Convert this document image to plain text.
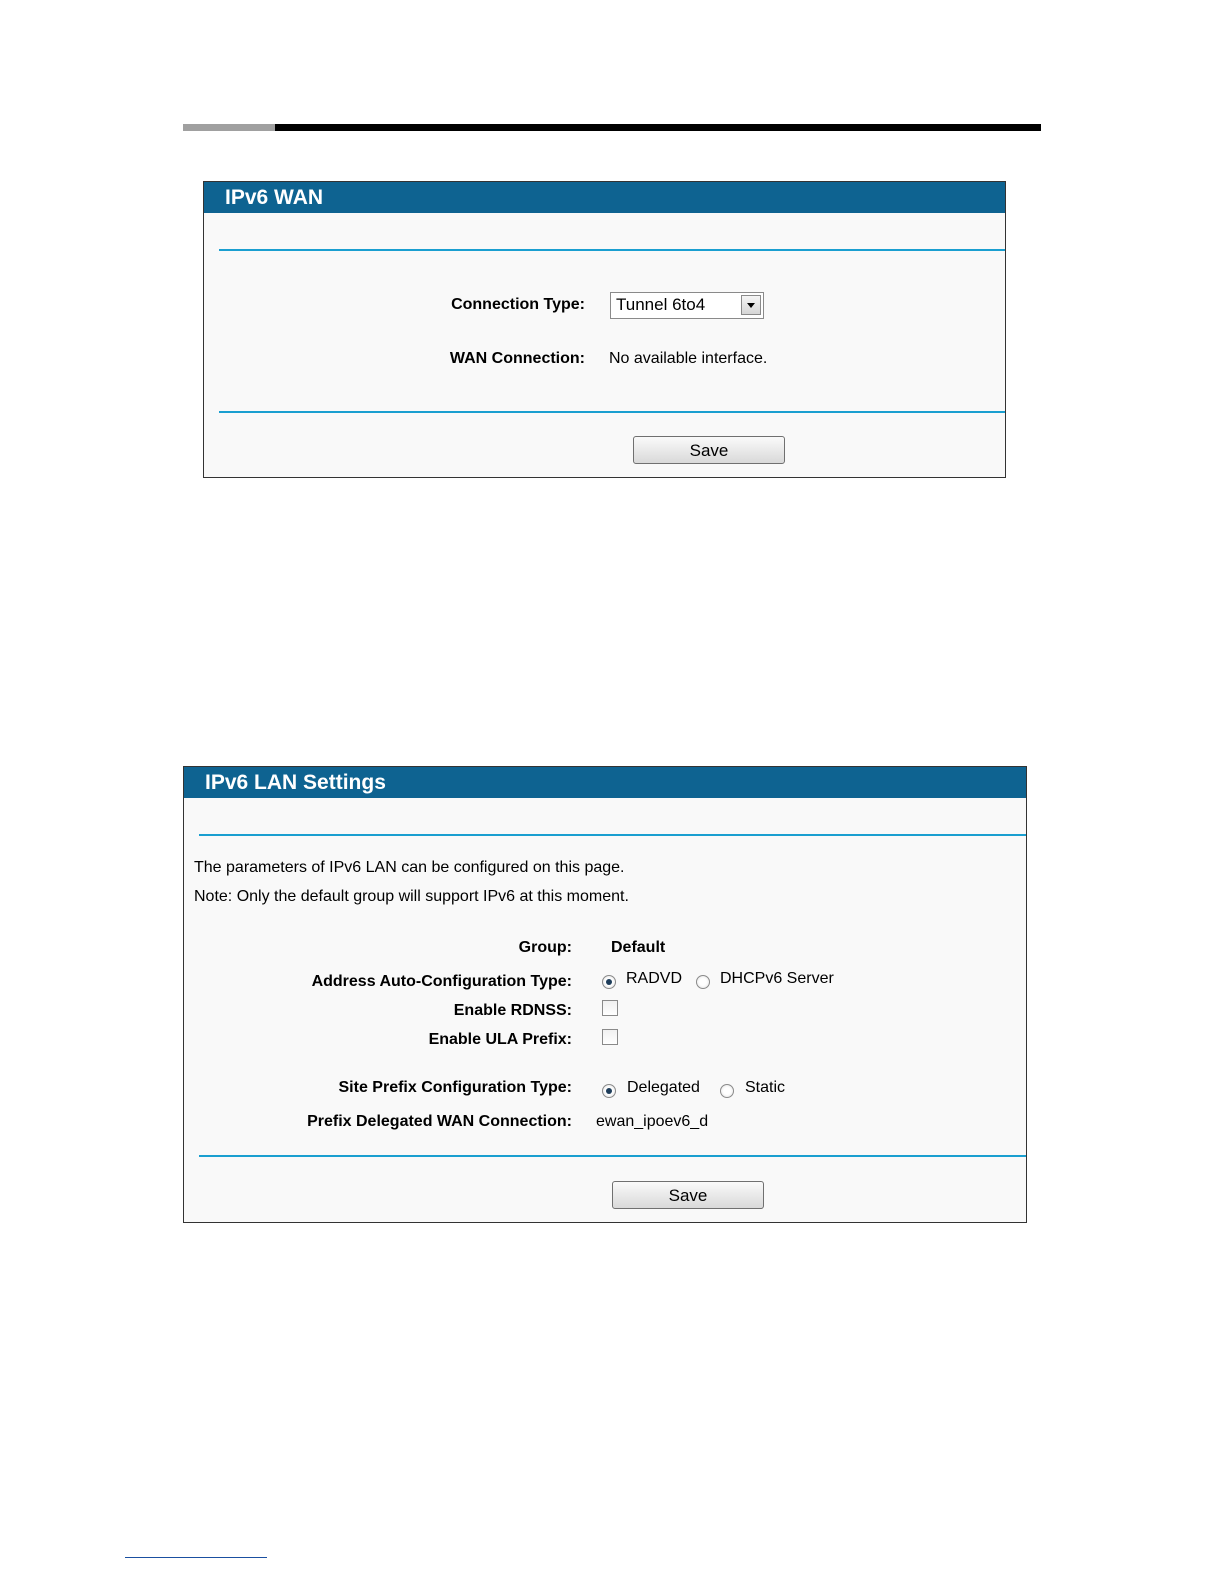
IPv6 WAN
Connection Type: Tunnel 6to4
WAN Connection: No available interface.
Save
IPv6 LAN Settings
The parameters of IPv6 LAN can be configured on this page.
Note: Only the default group will support IPv6 at this moment.
Group: Default
Address Auto-Configuration Type:	RADVD DHCPv6 Server
Enable RDNSS:
Enable ULA Prefix:
Site Prefix Configuration Type:	Delegated	Static
Prefix Delegated WAN Connection: ewan_ipoev6_d
Save
